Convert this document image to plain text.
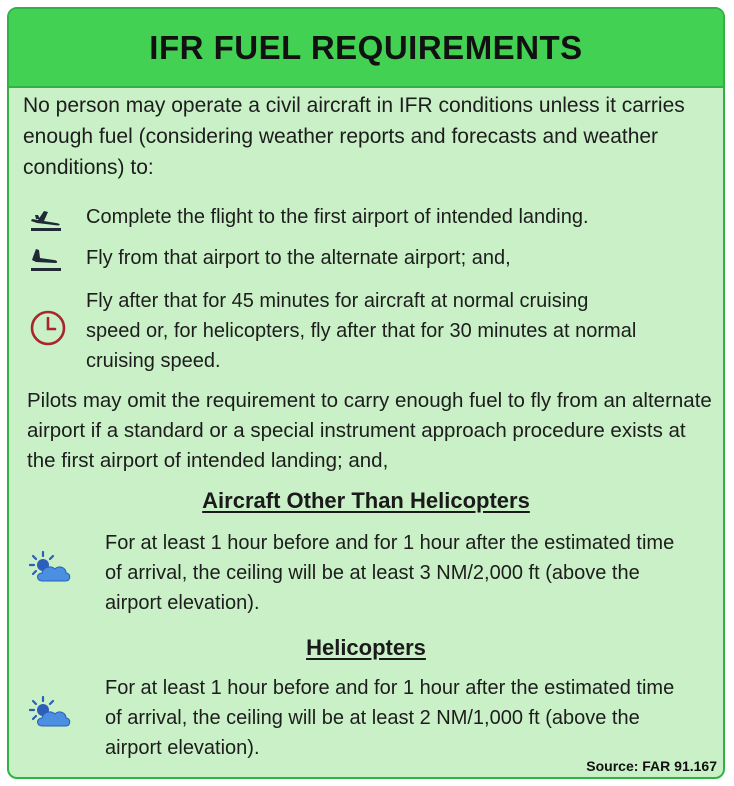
IFR FUEL REQUIREMENTS

No person may operate a civil aircraft in IFR conditions unless it carries enough fuel (considering weather reports and forecasts and weather conditions) to:

Complete the flight to the first airport of intended landing.
Fly from that airport to the alternate airport; and,
Fly after that for 45 minutes for aircraft at normal cruising speed or, for helicopters, fly after that for 30 minutes at normal cruising speed.

Pilots may omit the requirement to carry enough fuel to fly from an alternate airport if a standard or a special instrument approach procedure exists at the first airport of intended landing; and,

Aircraft Other Than Helicopters
For at least 1 hour before and for 1 hour after the estimated time of arrival, the ceiling will be at least 3 NM/2,000 ft (above the airport elevation).
Helicopters
For at least 1 hour before and for 1 hour after the estimated time of arrival, the ceiling will be at least 2 NM/1,000 ft (above the airport elevation).
Source: FAR 91.167
